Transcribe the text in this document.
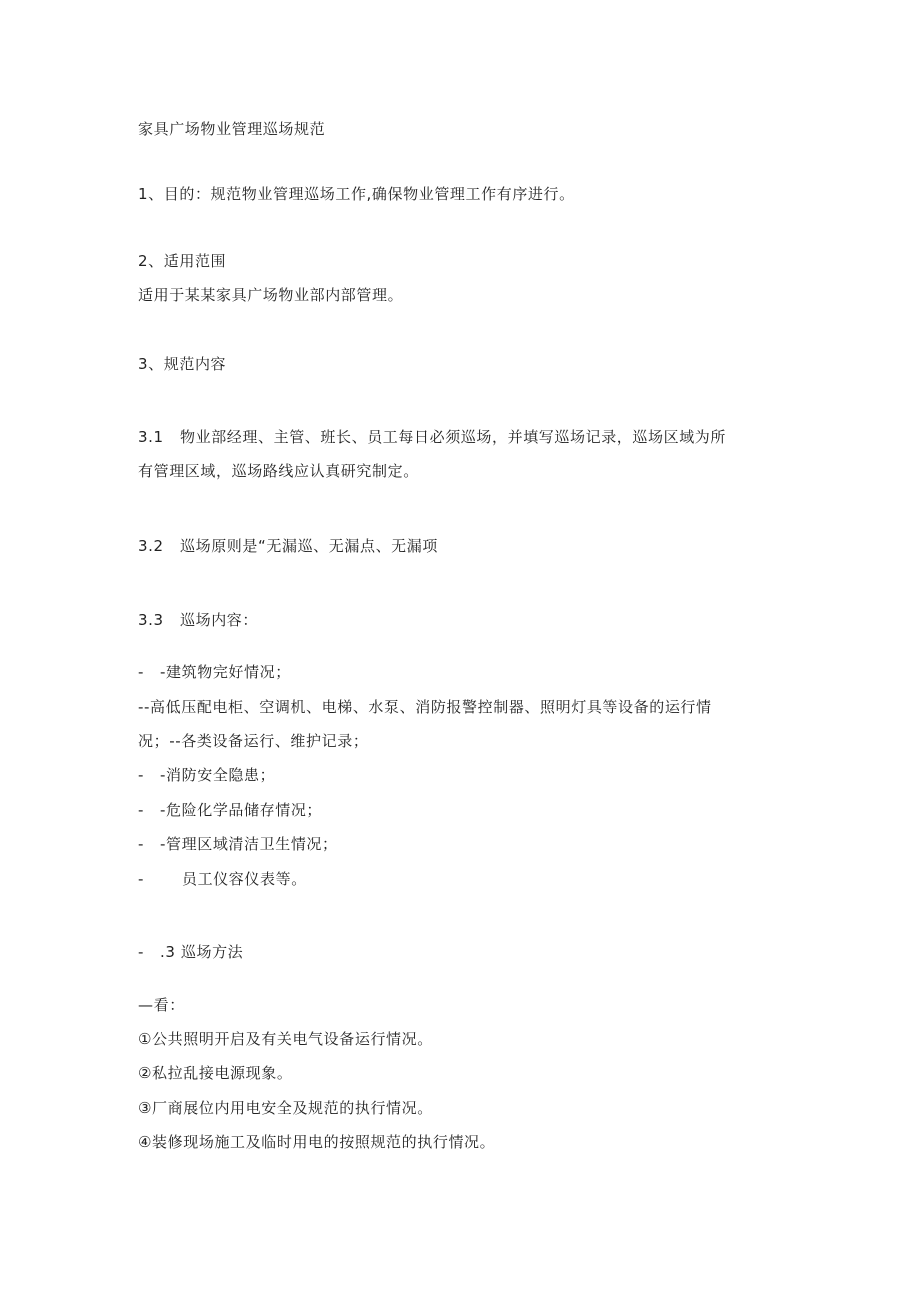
家具广场物业管理巡场规范
1、目的：规范物业管理巡场工作,确保物业管理工作有序进行。
2、适用范围
适用于某某家具广场物业部内部管理。
3、规范内容
3.1 物业部经理、主管、班长、员工每日必须巡场，并填写巡场记录，巡场区域为所
有管理区域，巡场路线应认真研究制定。
3.2 巡场原则是“无漏巡、无漏点、无漏项
3.3 巡场内容：
- -建筑物完好情况；
--高低压配电柜、空调机、电梯、水泵、消防报警控制器、照明灯具等设备的运行情
况；--各类设备运行、维护记录；
- -消防安全隐患；
- -危险化学品储存情况；
- -管理区域清洁卫生情况；
-	员工仪容仪表等。
- .3 巡场方法
—看：
①公共照明开启及有关电气设备运行情况。
②私拉乱接电源现象。
③厂商展位内用电安全及规范的执行情况。
④装修现场施工及临时用电的按照规范的执行情况。
